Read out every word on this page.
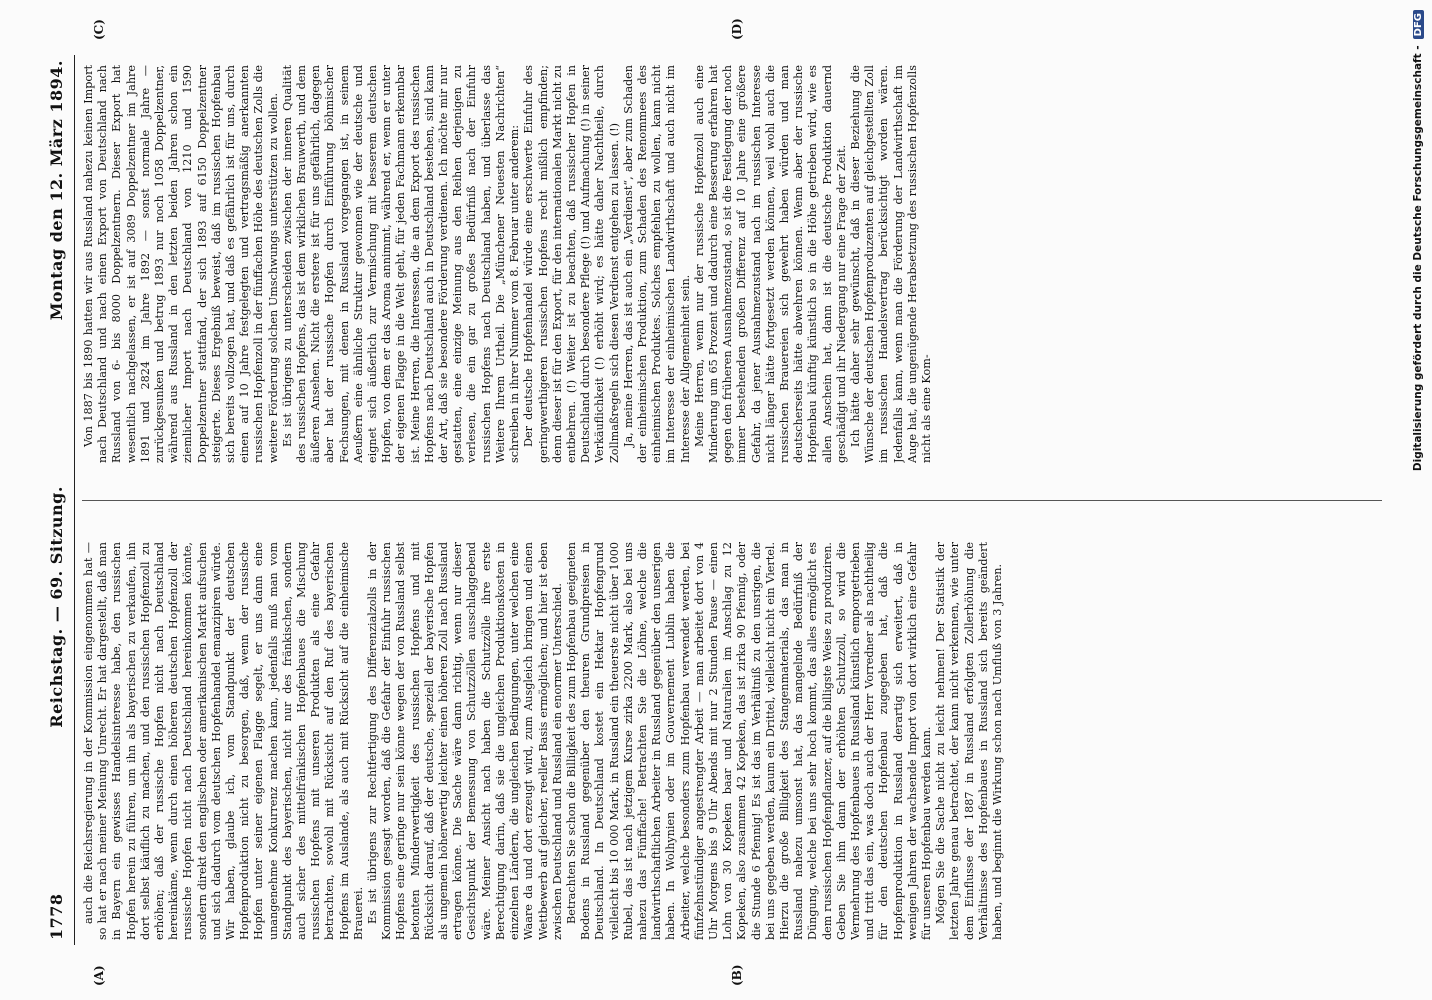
1778
Reichstag. — 69. Sitzung.
Montag den 12. März 1894.

auch die Reichsregierung in der Kommission eingenommen hat — so hat er nach meiner Meinung Unrecht. Er hat dargestellt, daß man in Bayern ein gewisses Handelsinteresse habe, den russischen Hopfen herein zu führen, um ihn als bayerischen zu verkaufen, ihn dort selbst käuflich zu machen, und den russischen Hopfenzoll zu erhöhen; daß der russische Hopfen nicht nach Deutschland hereinkäme, wenn durch einen höheren deutschen Hopfenzoll der russische Hopfen nicht nach Deutschland hereinkommen könnte, sondern direkt den englischen oder amerikanischen Markt aufsuchen und sich dadurch vom deutschen Hopfenhandel emanzipiren würde. Wir haben, glaube ich, vom Standpunkt der deutschen Hopfenproduktion nicht zu besorgen, daß, wenn der russische Hopfen unter seiner eigenen Flagge segelt, er uns dann eine unangenehme Konkurrenz machen kann, jedenfalls muß man vom Standpunkt des bayerischen, nicht nur des fränkischen, sondern auch sicher des mittelfränkischen Hopfenbaues die Mischung russischen Hopfens mit unseren Produkten als eine Gefahr betrachten, sowohl mit Rücksicht auf den Ruf des bayerischen Hopfens im Auslande, als auch mit Rücksicht auf die einheimische Brauerei. Es ist übrigens zur Rechtfertigung des Differenzialzolls in der Kommission gesagt worden, daß die Gefahr der Einfuhr russischen Hopfens eine geringe nur sein könne wegen der von Russland selbst betonten Minderwertigkeit des russischen Hopfens und mit Rücksicht darauf, daß der deutsche, speziell der bayerische Hopfen als ungemein höherwertig leichter einen höheren Zoll nach Russland ertragen könne. Die Sache wäre dann richtig, wenn nur dieser Gesichtspunkt der Bemessung von Schutzzöllen ausschlaggebend wäre. Meiner Ansicht nach haben die Schutzzölle ihre erste Berechtigung darin, daß sie die ungleichen Produktionskosten in einzelnen Ländern, die ungleichen Bedingungen, unter welchen eine Waare da und dort erzeugt wird, zum Ausgleich bringen und einen Wettbewerb auf gleicher, reeller Basis ermöglichen; und hier ist eben zwischen Deutschland und Russland ein enormer Unterschied. Betrachten Sie schon die Billigkeit des zum Hopfenbau geeigneten Bodens in Russland gegenüber den theuren Grundpreisen in Deutschland. In Deutschland kostet ein Hektar Hopfengrund vielleicht bis 10 000 Mark, in Russland ein theuerste nicht über 1000 Rubel, das ist nach jetzigem Kurse zirka 2200 Mark, also bei uns nahezu das Fünffache! Betrachten Sie die Löhne, welche die landwirthschaftlichen Arbeiter in Russland gegenüber den unserigen haben. In Wolhynien oder im Gouvernement Lublin haben die Arbeiter, welche besonders zum Hopfenbau verwendet werden, bei fünfzehnstündiger angestrengter Arbeit — man arbeitet dort von 4 Uhr Morgens bis 9 Uhr Abends mit nur 2 Stunden Pause — einen Lohn von 30 Kopeken baar und Naturalien im Anschlag zu 12 Kopeken, also zusammen 42 Kopeken, das ist zirka 90 Pfennig, oder die Stunde 6 Pfennig! Es ist das im Verhältniß zu den unsrigen, die bei uns gegeben werden, kaum ein Drittel, vielleicht nicht ein Viertel. Hierzu die große Billigkeit des Stangenmaterials, das man in Russland nahezu umsonst hat, das mangelnde Bedürfniß der Düngung, welche bei uns sehr hoch kommt, das alles ermöglicht es dem russischen Hopfenpflanzer, auf die billigste Weise zu produziren. Geben Sie ihm dann der erhöhten Schutzzoll, so wird die Vermehrung des Hopfenbaues in Russland künstlich emporgetrieben und tritt das ein, was doch auch der Herr Vorredner als nachtheilig für den deutschen Hopfenbau zugegeben hat, daß die Hopfenproduktion in Russland derartig sich erweitert, daß in wenigen Jahren der wachsende Import von dort wirklich eine Gefahr für unseren Hopfenbau werden kann. Mögen Sie die Sache nicht zu leicht nehmen! Der Statistik der letzten Jahre genau betrachtet, der kann nicht verkennen, wie unter dem Einflusse der 1887 in Russland erfolgten Zollerhöhung die Verhältnisse des Hopfenbaues in Russland sich bereits geändert haben, und beginnt die Wirkung schon nach Umfluß von 3 Jahren.

Von 1887 bis 1890 hatten wir aus Russland nahezu keinen Import nach Deutschland und nach einen Export von Deutschland nach Russland von 6- bis 8000 Doppelzentnern. Dieser Export hat wesentlich nachgelassen, er ist auf 3089 Doppelzentner im Jahre 1891 und 2824 im Jahre 1892 — sonst normale Jahre — zurückgesunken und betrug 1893 nur noch 1058 Doppelzentner, während aus Russland in den letzten beiden Jahren schon ein ziemlicher Import nach Deutschland von 1210 und 1590 Doppelzentner stattfand, der sich 1893 auf 6150 Doppelzentner steigerte. Dieses Ergebniß beweist, daß im russischen Hopfenbau sich bereits vollzogen hat, und daß es gefährlich ist für uns, durch einen auf 10 Jahre festgelegten und vertragsmäßig anerkannten russischen Hopfenzoll in der fünffachen Höhe des deutschen Zolls die weitere Förderung solchen Umschwungs unterstützen zu wollen. Es ist übrigens zu unterscheiden zwischen der inneren Qualität des russischen Hopfens, das ist dem wirklichen Brauwerth, und dem äußeren Ansehen. Nicht die erstere ist für uns gefährlich, dagegen aber hat der russische Hopfen durch Einführung böhmischer Fechsungen, mit denen in Russland vorgegangen ist, in seinem Aeußern eine ähnliche Struktur gewonnen wie der deutsche und eignet sich äußerlich zur Vermischung mit besserem deutschen Hopfen, von dem er das Aroma annimmt, während er, wenn er unter der eigenen Flagge in die Welt geht, für jeden Fachmann erkennbar ist. Meine Herren, die Interessen, die an dem Export des russischen Hopfens nach Deutschland auch in Deutschland bestehen, sind kann der Art, daß sie besondere Förderung verdienen. Ich möchte mir nur gestatten, eine einzige Meinung aus den Reihen derjenigen zu verlesen, die ein gar zu großes Bedürfniß nach der Einfuhr russischen Hopfens nach Deutschland haben, und überlasse das Weitere Ihrem Urtheil. Die „Münchener Neuesten Nachrichten“ schreiben in ihrer Nummer vom 8. Februar unter anderem: Der deutsche Hopfenhandel würde eine erschwerte Einfuhr des geringwerthigeren russischen Hopfens recht mißlich empfinden; denn dieser ist für den Export, für den internationalen Markt nicht zu entbehren. (!) Weiter ist zu beachten, daß russischer Hopfen in Deutschland durch besondere Pflege (!) und Aufmachung (!) in seiner Verkäuflichkeit (!) erhöht wird; es hätte daher Nachtheile, durch Zollmaßregeln sich diesen Verdienst entgehen zu lassen. (!) Ja, meine Herren, das ist auch ein „Verdienst“, aber zum Schaden der einheimischen Produktion, zum Schaden des Renommees des einheimischen Produktes. Solches empfehlen zu wollen, kann nicht im Interesse der einheimischen Landwirthschaft und auch nicht im Interesse der Allgemeinheit sein. Meine Herren, wenn nur der russische Hopfenzoll auch eine Minderung um 65 Prozent und dadurch eine Besserung erfahren hat gegen den früheren Ausnahmezustand, so ist die Festlegung der noch immer bestehenden großen Differenz auf 10 Jahre eine größere Gefahr, da jener Ausnahmezustand nach im russischen Interesse nicht länger hätte fortgesetzt werden können, weil wohl auch die russischen Brauereien sich gewehrt haben würden und man deutscherseits hätte abwehren können. Wenn aber der russische Hopfenbau künftig künstlich so in die Höhe getrieben wird, wie es allen Anschein hat, dann ist die deutsche Produktion dauernd geschädigt und ihr Niedergang nur eine Frage der Zeit. Ich hätte daher sehr gewünscht, daß in dieser Beziehung die Wünsche der deutschen Hopfenproduzenten auf gleichgestellten Zoll im russischen Handelsvertrag berücksichtigt worden wären. Jedenfalls kann, wenn man die Förderung der Landwirthschaft im Auge hat, die ungenügende Herabsetzung des russischen Hopfenzolls nicht als eine Kom-

(A)	(B)
(C)	(D)
Digitalisierung gefördert durch die Deutsche Forschungsgemeinschaft -
DFG
